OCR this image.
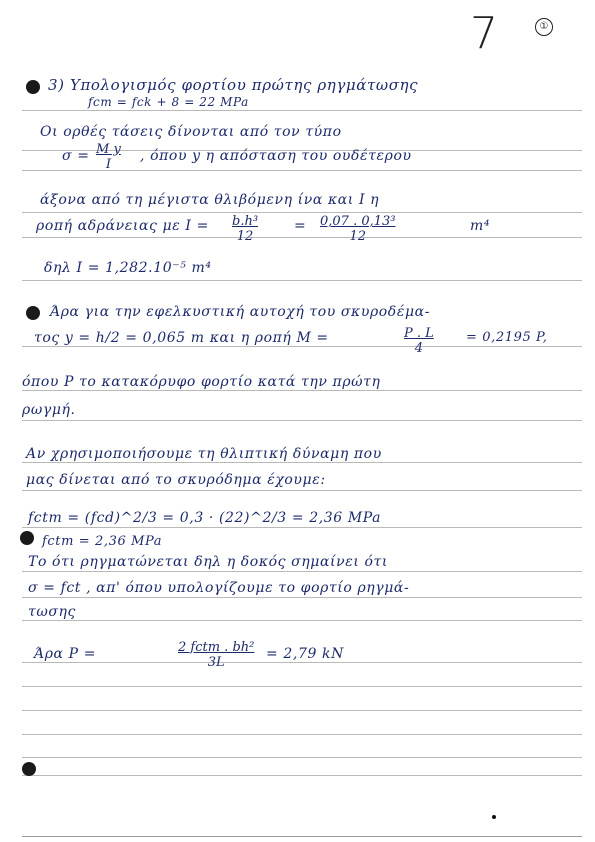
7	①
3) Υπολογισμός φορτίου πρώτης ρηγμάτωσης
fcm = fck + 8 = 22 MPa
Οι ορθές τάσεις δίνονται από τον τύπο
$\sigma = \frac{\text{M y}}{I}$ , όπου y η απόσταση του ουδέτερου
άξονα από τη μέγιστα θλιβόμενη ίνα και I η
ροπή αδράνειας με $I = \frac{\text{b.h³}}{12}$	= $\frac{\text{0,07 . 0,13³}}{12}$	m⁴
δηλ I = 1,282.10⁻⁵ m⁴
Άρα για την εφελκυστική αυτοχή του σκυροδέμα-
τος y = h/2 = 0,065 m και η ροπή M =	$\frac{P . L}{4} = 0,2195$ P,
όπου P το κατακόρυφο φορτίο κατά την πρώτη
ρωγμή.
Αν χρησιμοποιήσουμε τη θλιπτική δύναμη που
μας δίνεται από το σκυρόδημα έχουμε:
fctm = (fcd)^2/3 = 0,3 · (22)^2/3 = 2,36 MPa
fctm = 2,36 MPa
Το ότι ρηγματώνεται δηλ η δοκός σημαίνει ότι
σ = fct , απ' όπου υπολογίζουμε το φορτίο ρηγμά-
τωσης
Άρα P =	2 fctm . bh²
3L
= 2,79 kN
